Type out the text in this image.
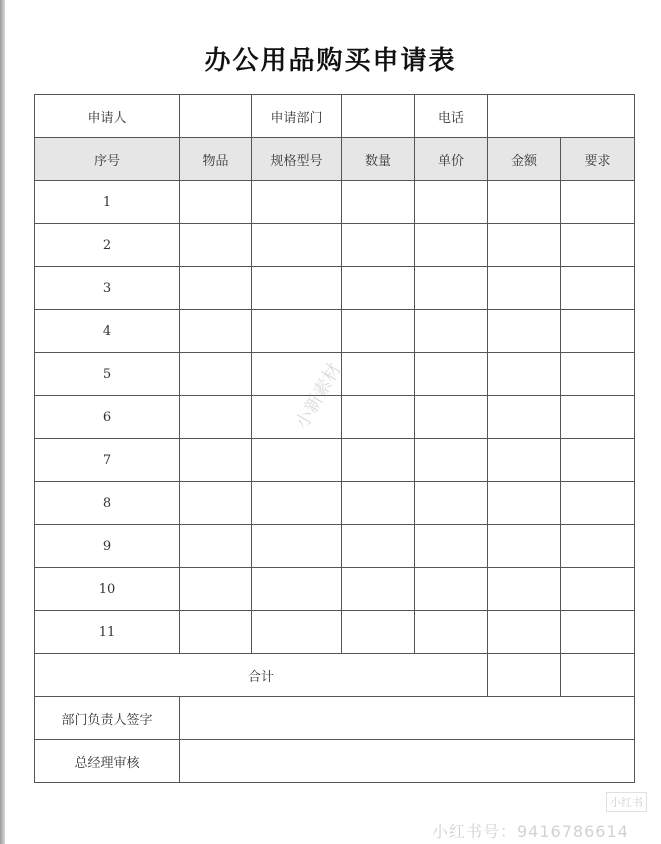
办公用品购买申请表
申请人		申请部门		电话		
序号	物品	规格型号	数量	单价	金额	要求
1						
2						
3						
4						
5						
6						
7						
8						
9						
10						
11						
合计						
部门负责人签字						
总经理审核						
小新素材
小红书
小红书号：9416786614
